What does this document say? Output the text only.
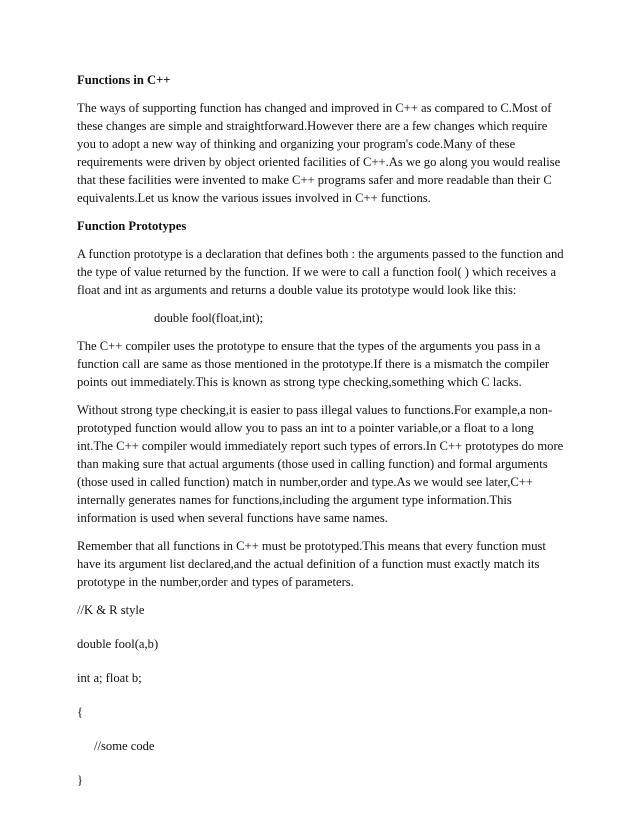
Functions in C++
The ways of supporting function has changed and improved in C++ as compared to C.Most of
these changes are simple and straightforward.However there are a few changes which require
you to adopt a new way of thinking and organizing your program's code.Many of these
requirements were driven by object oriented facilities of C++.As we go along you would realise
that these facilities were invented to make C++ programs safer and more readable than their C
equivalents.Let us know the various issues involved in C++ functions.
Function Prototypes
A function prototype is a declaration that defines both : the arguments passed to the function and
the type of value returned by the function. If we were to call a function fool( ) which receives a
float and int as arguments and returns a double value its prototype would look like this:
double fool(float,int);
The C++ compiler uses the prototype to ensure that the types of the arguments you pass in a
function call are same as those mentioned in the prototype.If there is a mismatch the compiler
points out immediately.This is known as strong type checking,something which C lacks.
Without strong type checking,it is easier to pass illegal values to functions.For example,a non-
prototyped function would allow you to pass an int to a pointer variable,or a float to a long
int.The C++ compiler would immediately report such types of errors.In C++ prototypes do more
than making sure that actual arguments (those used in calling function) and formal arguments
(those used in called function) match in number,order and type.As we would see later,C++
internally generates names for functions,including the argument type information.This
information is used when several functions have same names.
Remember that all functions in C++ must be prototyped.This means that every function must
have its argument list declared,and the actual definition of a function must exactly match its
prototype in the number,order and types of parameters.
//K & R style
double fool(a,b)
int a; float b;
{
//some code
}
